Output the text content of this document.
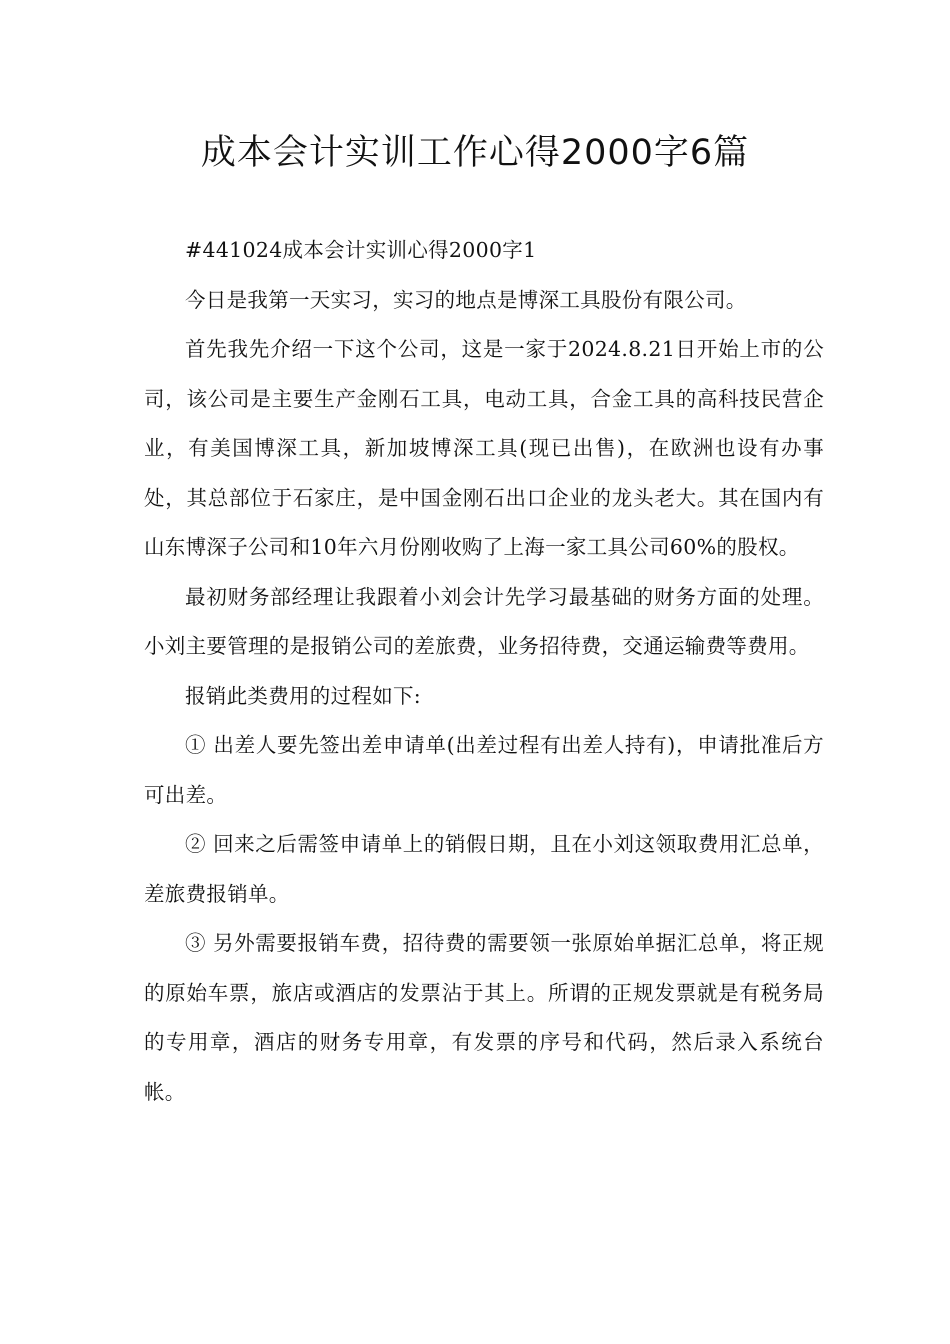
成本会计实训工作心得2000字6篇

#441024成本会计实训心得2000字1

今日是我第一天实习，实习的地点是博深工具股份有限公司。

首先我先介绍一下这个公司，这是一家于2024.8.21日开始上市的公司，该公司是主要生产金刚石工具，电动工具，合金工具的高科技民营企业，有美国博深工具，新加坡博深工具(现已出售)，在欧洲也设有办事处，其总部位于石家庄，是中国金刚石出口企业的龙头老大。其在国内有山东博深子公司和10年六月份刚收购了上海一家工具公司60%的股权。

最初财务部经理让我跟着小刘会计先学习最基础的财务方面的处理。小刘主要管理的是报销公司的差旅费，业务招待费，交通运输费等费用。

报销此类费用的过程如下:

① 出差人要先签出差申请单(出差过程有出差人持有)，申请批准后方可出差。

② 回来之后需签申请单上的销假日期，且在小刘这领取费用汇总单，差旅费报销单。

③ 另外需要报销车费，招待费的需要领一张原始单据汇总单，将正规的原始车票，旅店或酒店的发票沾于其上。所谓的正规发票就是有税务局的专用章，酒店的财务专用章，有发票的序号和代码，然后录入系统台帐。
